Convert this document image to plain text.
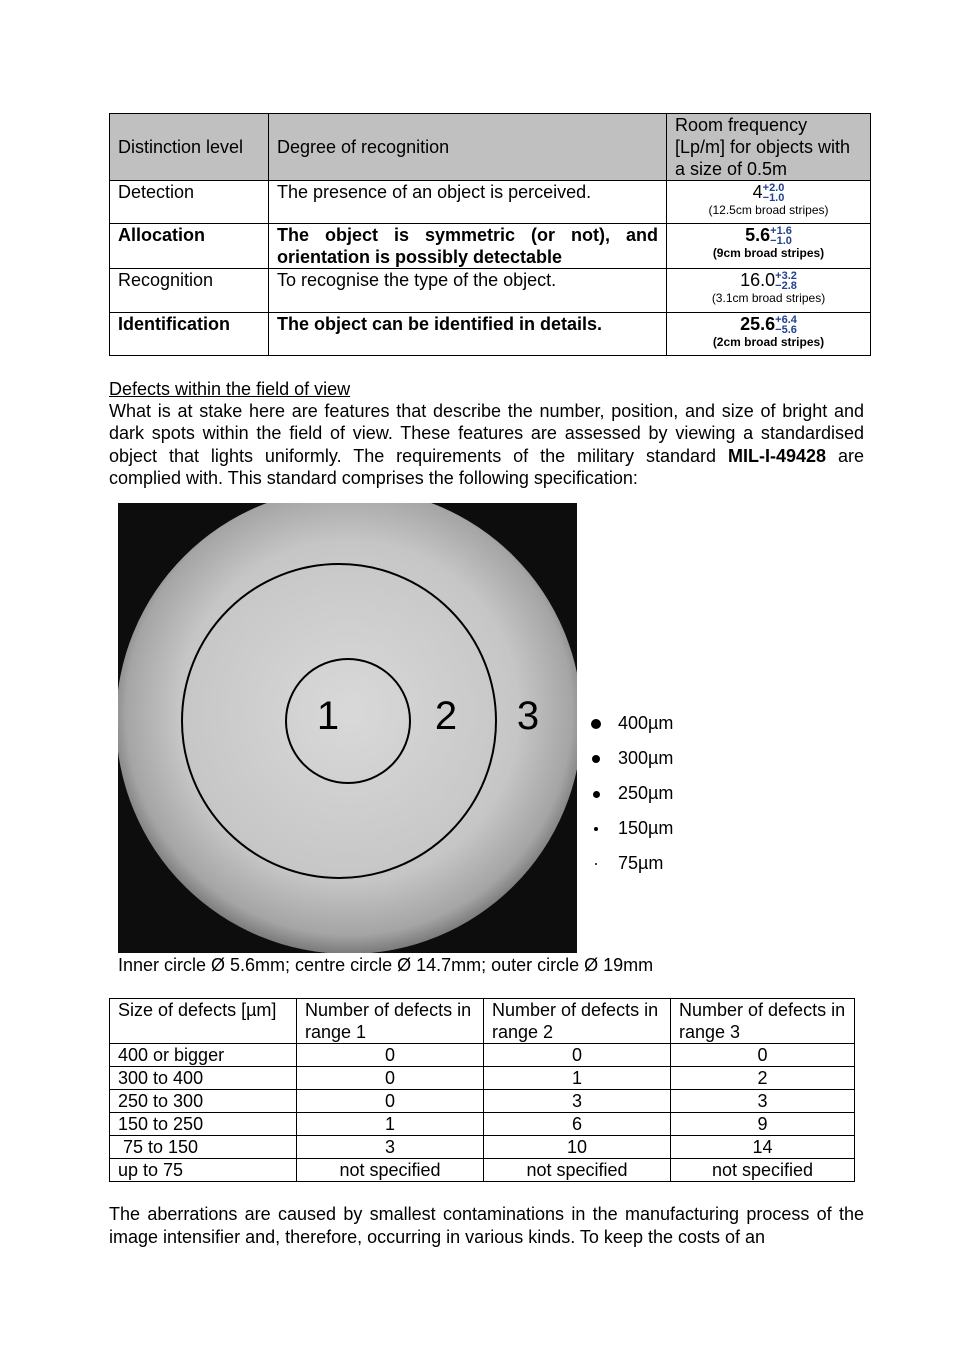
Distinction level	Degree of recognition	Room frequency [Lp/m] for objects with a size of 0.5m
Detection	The presence of an object is perceived.	4 +2.0
−1.0
(12.5cm broad stripes)

Allocation	The object is symmetric (or not), and orientation is possibly detectable	5.6 +1.6
−1.0
(9cm broad stripes)

Recognition	To recognise the type of the object.	16.0 +3.2
−2.8
(3.1cm broad stripes)

Identification	The object can be identified in details.	25.6 +6.4
−5.6
(2cm broad stripes)
Defects within the field of view
What is at stake here are features that describe the number, position, and size of bright and dark spots within the field of view. These features are assessed by viewing a standardised object that lights uniformly. The requirements of the military standard MIL-I-49428 are complied with. This standard comprises the following specification:
1 2 3	400µm
300µm
250µm
150µm
75µm
Inner circle Ø 5.6mm; centre circle Ø 14.7mm; outer circle Ø 19mm
Size of defects [µm]	Number of defects in range 1	Number of defects in range 2	Number of defects in range 3
400 or bigger	0	0	0
300 to 400	0	1	2
250 to 300	0	3	3
150 to 250	1	6	9
75 to 150	3	10	14
up to 75	not specified	not specified	not specified
The aberrations are caused by smallest contaminations in the manufacturing process of the image intensifier and, therefore, occurring in various kinds. To keep the costs of an
